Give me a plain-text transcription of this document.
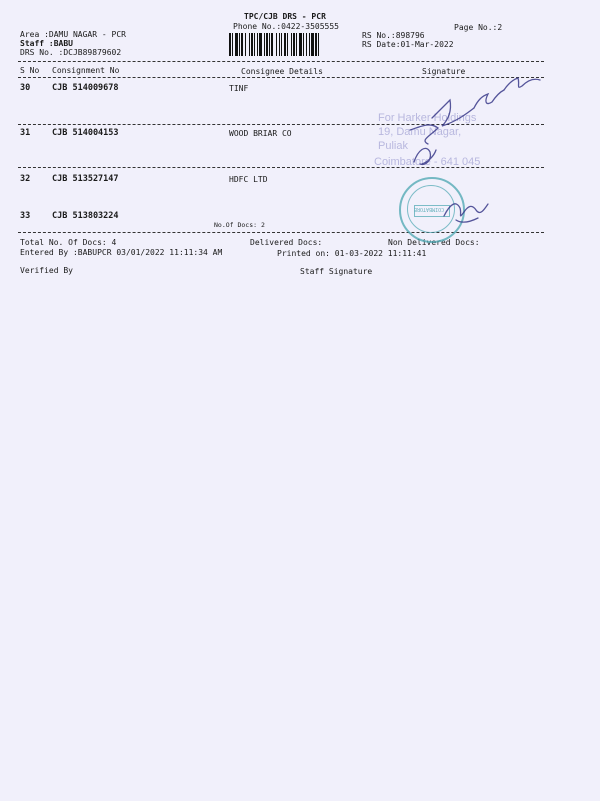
TPC/CJB DRS - PCR
Phone No.:0422-3505555	Page No.:2
Area :DAMU NAGAR - PCR
Staff :BABU
DRS No. :DCJB89879602
RS No.:898796
RS Date:01-Mar-2022
S No Consignment No	Consignee Details	Signature
30	CJB 514009678	TINF
31	CJB 514004153	WOOD BRIAR CO
32	CJB 513527147	HDFC LTD
33	CJB 513803224
No.Of Docs: 2
Total No. Of Docs: 4	Delivered Docs:	Non Delivered Docs:
Entered By :BABUPCR 03/01/2022 11:11:34 AM	Printed on: 01-03-2022 11:11:41
Verified By	Staff Signature
For Harker Holdings
19, Damu Nagar,
Puliak
Coimbatore - 641 045
COIMBATORE
